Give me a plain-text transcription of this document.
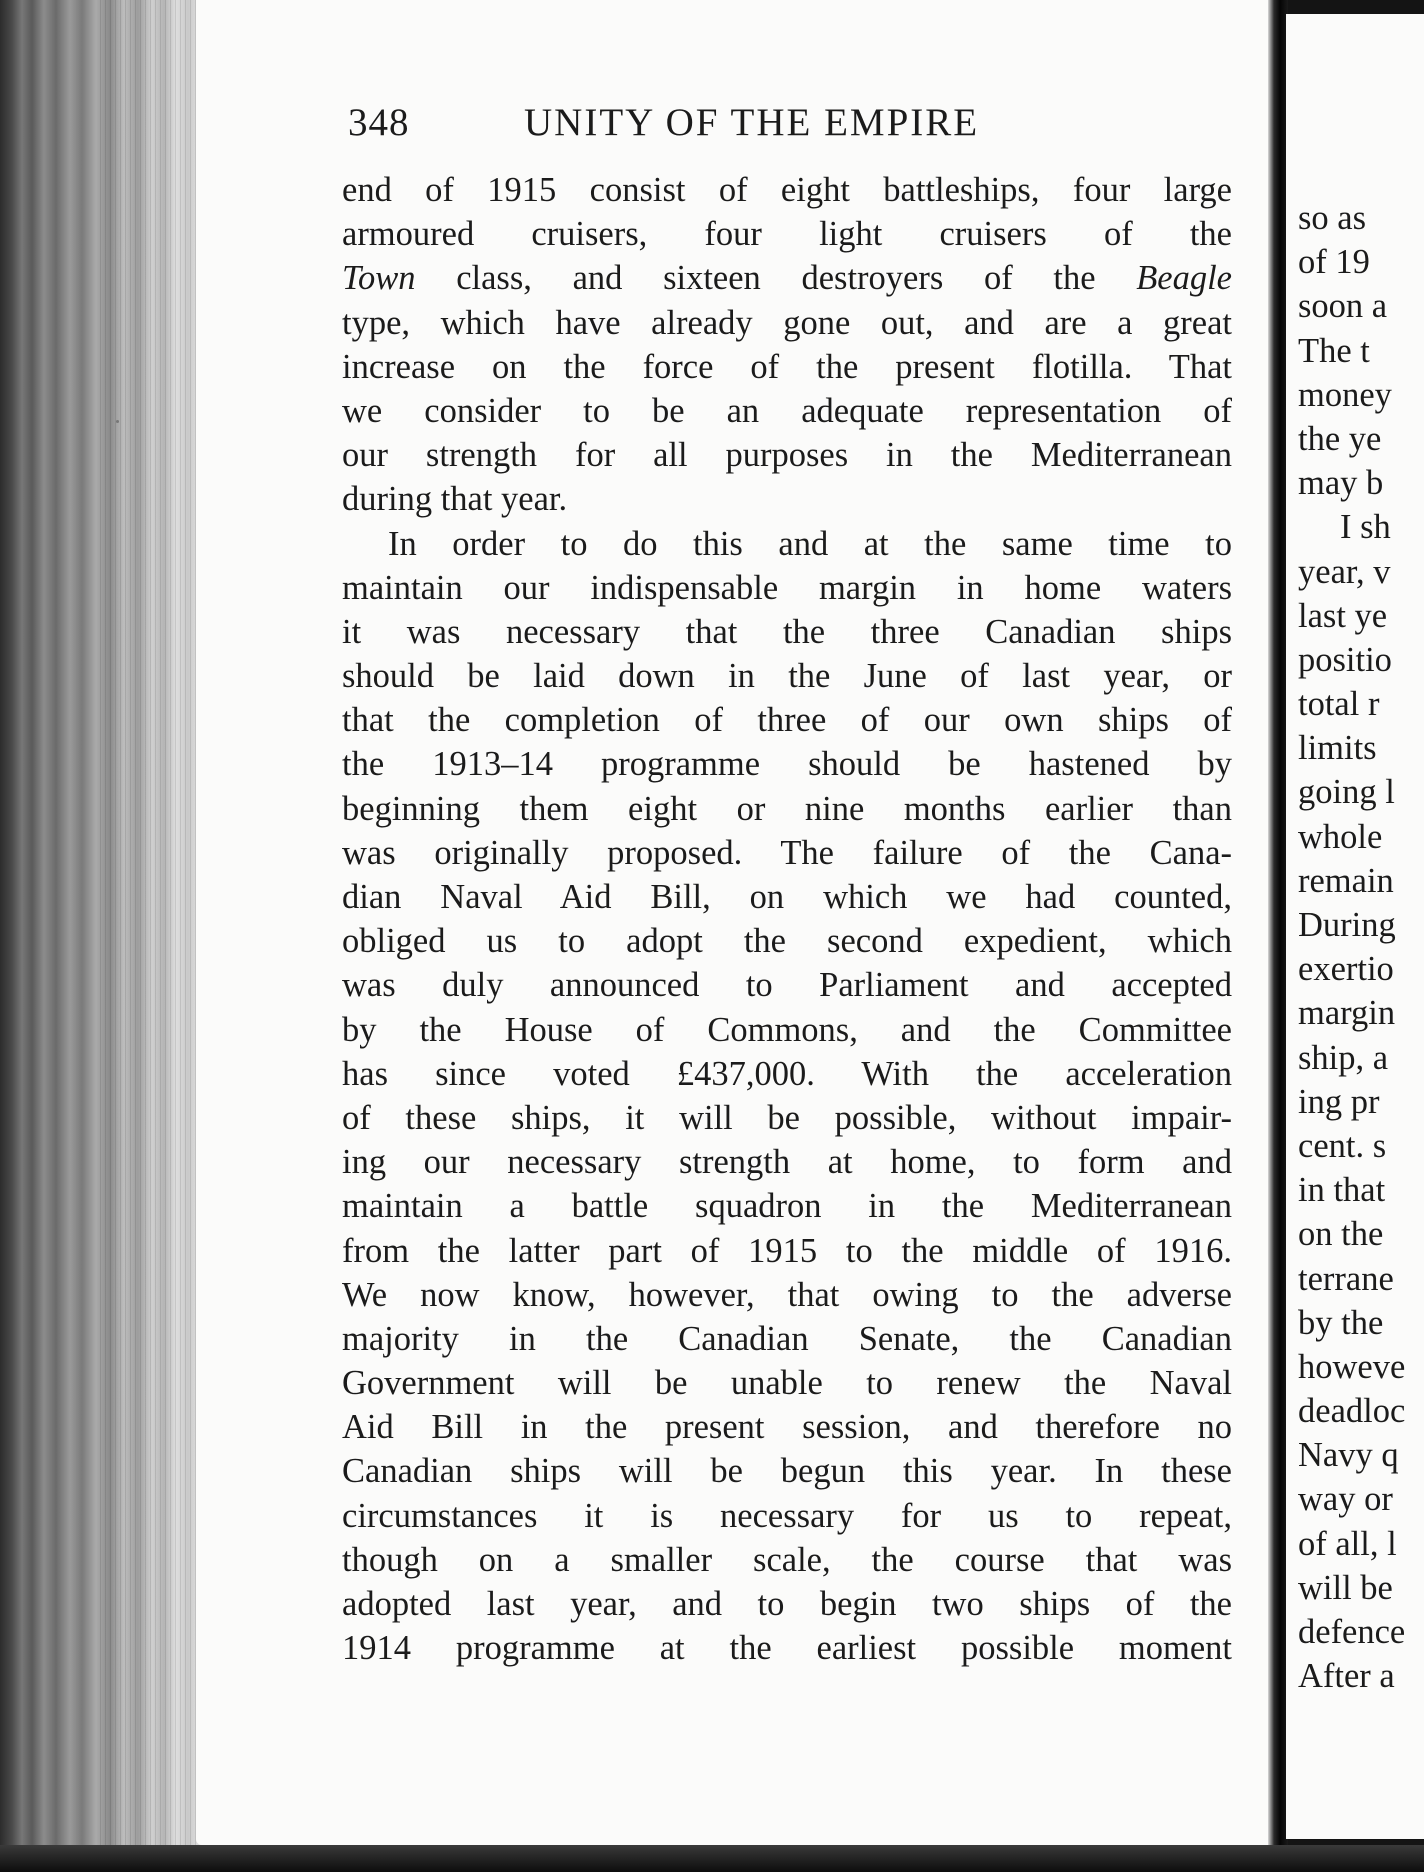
348	UNITY OF THE EMPIRE
end of 1915 consist of eight battleships, four large
armoured cruisers, four light cruisers of the
Town class, and sixteen destroyers of the Beagle
type, which have already gone out, and are a great
increase on the force of the present flotilla. That
we consider to be an adequate representation of
our strength for all purposes in the Mediterranean
during that year.
In order to do this and at the same time to
maintain our indispensable margin in home waters
it was necessary that the three Canadian ships
should be laid down in the June of last year, or
that the completion of three of our own ships of
the 1913–14 programme should be hastened by
beginning them eight or nine months earlier than
was originally proposed. The failure of the Cana-
dian Naval Aid Bill, on which we had counted,
obliged us to adopt the second expedient, which
was duly announced to Parliament and accepted
by the House of Commons, and the Committee
has since voted £437,000. With the acceleration
of these ships, it will be possible, without impair-
ing our necessary strength at home, to form and
maintain a battle squadron in the Mediterranean
from the latter part of 1915 to the middle of 1916.
We now know, however, that owing to the adverse
majority in the Canadian Senate, the Canadian
Government will be unable to renew the Naval
Aid Bill in the present session, and therefore no
Canadian ships will be begun this year. In these
circumstances it is necessary for us to repeat,
though on a smaller scale, the course that was
adopted last year, and to begin two ships of the
1914 programme at the earliest possible moment
so as
of 19
soon a
The t
money
the ye
may b
I sh
year, v
last ye
positio
total r
limits
going l
whole
remain
During
exertio
margin
ship, a
ing pr
cent. s
in that
on the
terrane
by the
howeve
deadloc
Navy q
way or
of all, l
will be
defence
After a
